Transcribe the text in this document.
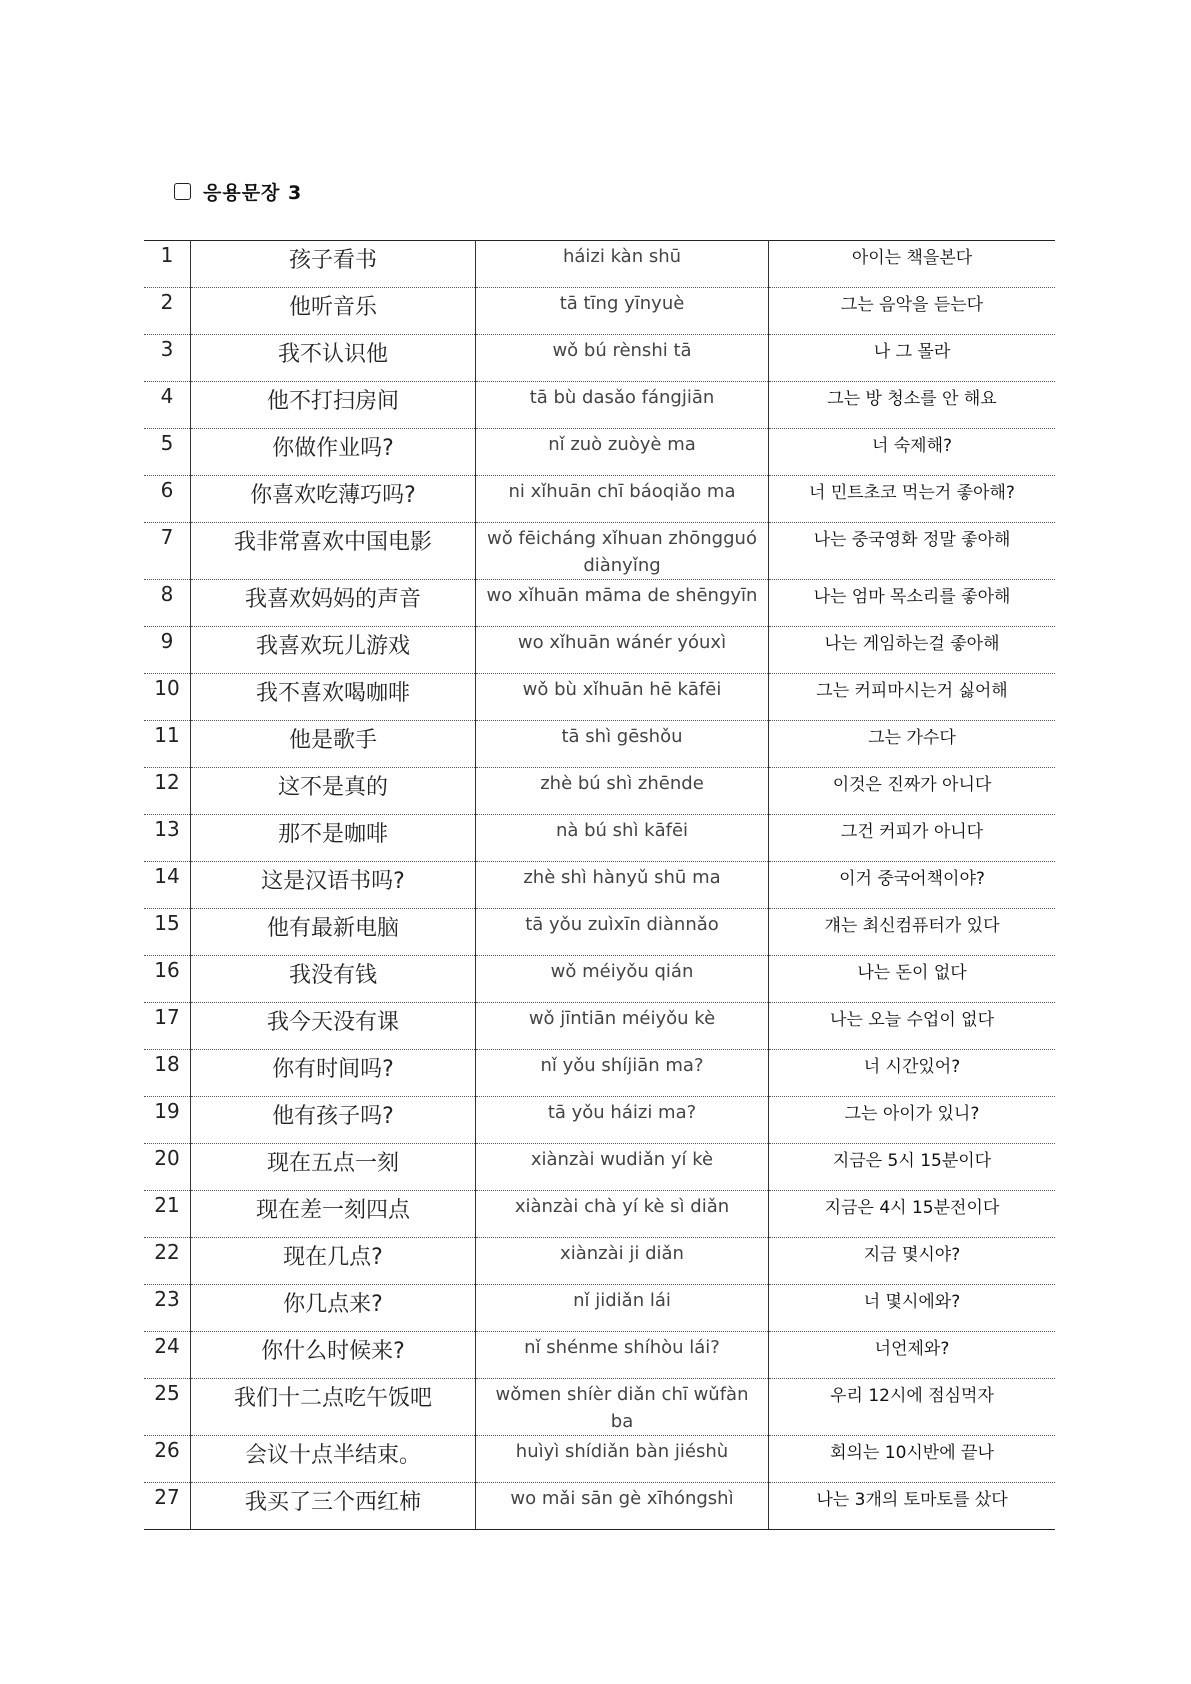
응용문장 3
1	孩子看书	háizi kàn shū	아이는 책을본다
2	他听音乐	tā tīng yīnyuè	그는 음악을 듣는다
3	我不认识他	wǒ bú rènshi tā	나 그 몰라
4	他不打扫房间	tā bù dasǎo fángjiān	그는 방 청소를 안 해요
5	你做作业吗?	nǐ zuò zuòyè ma	너 숙제해?
6	你喜欢吃薄巧吗?	ni xǐhuān chī báoqiǎo ma	너 민트초코 먹는거 좋아해?
7	我非常喜欢中国电影	wǒ fēicháng xǐhuan zhōngguó diànyǐng	나는 중국영화 정말 좋아해
8	我喜欢妈妈的声音	wo xǐhuān māma de shēngyīn	나는 엄마 목소리를 좋아해
9	我喜欢玩儿游戏	wo xǐhuān wánér yóuxì	나는 게임하는걸 좋아해
10	我不喜欢喝咖啡	wǒ bù xǐhuān hē kāfēi	그는 커피마시는거 싫어해
11	他是歌手	tā shì gēshǒu	그는 가수다
12	这不是真的	zhè bú shì zhēnde	이것은 진짜가 아니다
13	那不是咖啡	nà bú shì kāfēi	그건 커피가 아니다
14	这是汉语书吗?	zhè shì hànyǔ shū ma	이거 중국어책이야?
15	他有最新电脑	tā yǒu zuìxīn diànnǎo	걔는 최신컴퓨터가 있다
16	我没有钱	wǒ méiyǒu qián	나는 돈이 없다
17	我今天没有课	wǒ jīntiān méiyǒu kè	나는 오늘 수업이 없다
18	你有时间吗?	nǐ yǒu shíjiān ma?	너 시간있어?
19	他有孩子吗?	tā yǒu háizi ma?	그는 아이가 있니?
20	现在五点一刻	xiànzài wudiǎn yí kè	지금은 5시 15분이다
21	现在差一刻四点	xiànzài chà yí kè sì diǎn	지금은 4시 15분전이다
22	现在几点?	xiànzài ji diǎn	지금 몇시야?
23	你几点来?	nǐ jidiǎn lái	너 몇시에와?
24	你什么时候来?	nǐ shénme shíhòu lái?	너언제와?
25	我们十二点吃午饭吧	wǒmen shíèr diǎn chī wǔfàn ba	우리 12시에 점심먹자
26	会议十点半结束。	huìyì shídiǎn bàn jiéshù	회의는 10시반에 끝나
27	我买了三个西红柿	wo mǎi sān gè xīhóngshì	나는 3개의 토마토를 샀다
